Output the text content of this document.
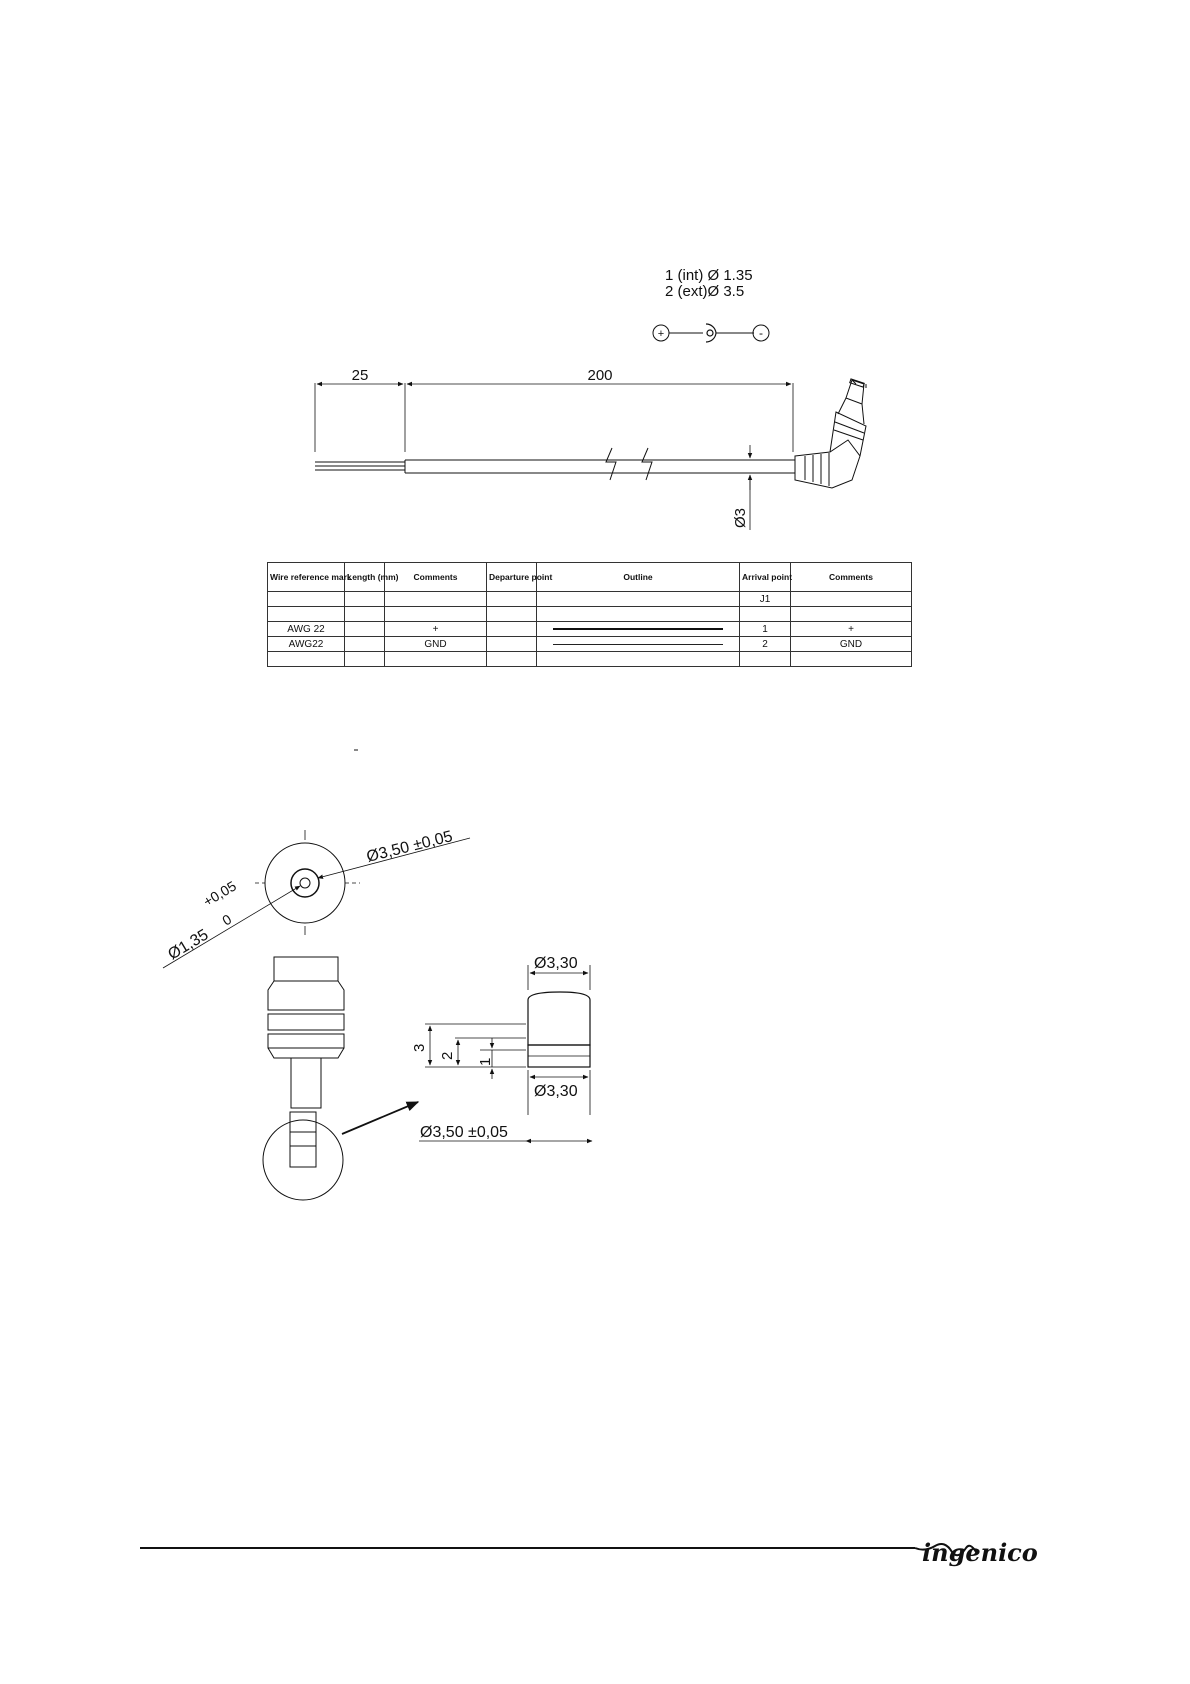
1 (int) Ø 1.35
2 (ext)Ø 3.5
+	-
25	200
Ø3
Ø3,50 ±0,05
Ø1,35
+0,05
0
Ø3,30
Ø3,30
Ø3,50 ±0,05
3
2
1
Wire reference mark	Length (mm)	Comments	Departure point	Outline	Arrival point	Comments
					J1	

AWG 22		+			1	+
AWG22		GND			2	GND

ingenico
